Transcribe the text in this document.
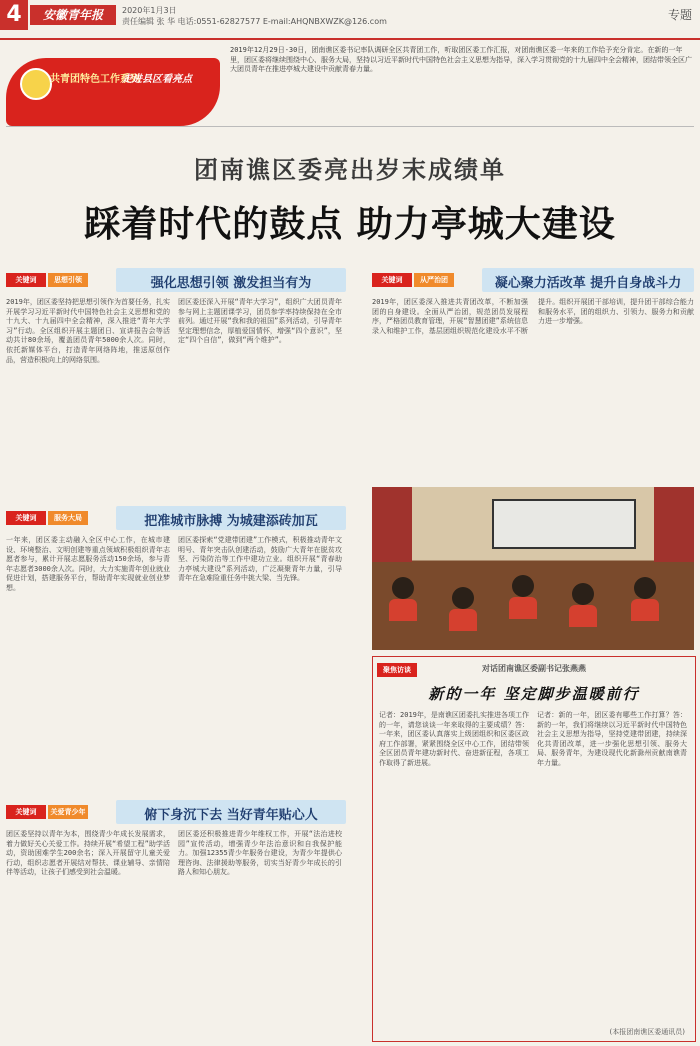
4	安徽青年报	2020年1月3日
责任编辑 张 华 电话:0551-62827577 E-mail:AHQNBXWZK@126.com	专题
共青团特色工作系列
走进县区看亮点
2019年12月29日-30日，团南谯区委书记率队调研全区共青团工作，听取团区委工作汇报，对团南谯区委一年来的工作给予充分肯定。在新的一年里，团区委将继续围绕中心、服务大局，坚持以习近平新时代中国特色社会主义思想为指导，深入学习贯彻党的十九届四中全会精神，团结带领全区广大团员青年在推进亭城大建设中贡献青春力量。
团南谯区委亮出岁末成绩单
踩着时代的鼓点 助力亭城大建设
关键词	思想引领	强化思想引领 激发担当有为
2019年，团区委坚持把思想引领作为首要任务，扎实开展学习习近平新时代中国特色社会主义思想和党的十九大、十九届四中全会精神，深入推进“青年大学习”行动。全区组织开展主题团日、宣讲报告会等活动共计80余场，覆盖团员青年5000余人次。同时，依托新媒体平台，打造青年网络阵地，推送原创作品，营造积极向上的网络氛围。
团区委还深入开展“青年大学习”，组织广大团员青年参与网上主题团课学习，团员参学率持续保持在全市前列。通过开展“我和我的祖国”系列活动，引导青年坚定理想信念，厚植爱国情怀，增强“四个意识”，坚定“四个自信”，做到“两个维护”。
关键词	服务大局	把准城市脉搏 为城建添砖加瓦
一年来，团区委主动融入全区中心工作，在城市建设、环境整治、文明创建等重点领域积极组织青年志愿者参与，累计开展志愿服务活动150余场，参与青年志愿者3000余人次。同时，大力实施青年创业就业促进计划，搭建服务平台，帮助青年实现就业创业梦想。
团区委探索“党建带团建”工作模式，积极推动青年文明号、青年突击队创建活动，鼓励广大青年在脱贫攻坚、污染防治等工作中建功立业。组织开展“青春助力亭城大建设”系列活动，广泛凝聚青年力量，引导青年在急难险重任务中挑大梁、当先锋。
关键词	关爱青少年	俯下身沉下去 当好青年贴心人
团区委坚持以青年为本，围绕青少年成长发展需求，着力做好关心关爱工作。持续开展“希望工程”助学活动，资助困难学生200余名；深入开展留守儿童关爱行动，组织志愿者开展结对帮扶、课业辅导、亲情陪伴等活动，让孩子们感受到社会温暖。
团区委还积极推进青少年维权工作，开展“法治进校园”宣传活动，增强青少年法治意识和自我保护能力。加强12355青少年服务台建设，为青少年提供心理咨询、法律援助等服务，切实当好青少年成长的引路人和知心朋友。
关键词	从严治团	凝心聚力活改革 提升自身战斗力
2019年，团区委深入推进共青团改革，不断加强团的自身建设。全面从严治团，规范团员发展程序，严格团员教育管理，开展“智慧团建”系统信息录入和维护工作，基层团组织规范化建设水平不断提升。组织开展团干部培训，提升团干部综合能力和服务水平，团的组织力、引领力、服务力和贡献力进一步增强。
聚焦访谈	对话团南谯区委副书记张燕燕
新的一年 坚定脚步温暖前行
记者：2019年，是南谯区团委扎实推进各项工作的一年，请您谈谈一年来取得的主要成绩？答：一年来，团区委认真落实上级团组织和区委区政府工作部署，紧紧围绕全区中心工作，团结带领全区团员青年建功新时代、奋进新征程，各项工作取得了新进展。
记者：新的一年，团区委有哪些工作打算？答：新的一年，我们将继续以习近平新时代中国特色社会主义思想为指导，坚持党建带团建，持续深化共青团改革，进一步强化思想引领、服务大局、服务青年，为建设现代化新滁州贡献南谯青年力量。
(本报团南谯区委通讯员)
